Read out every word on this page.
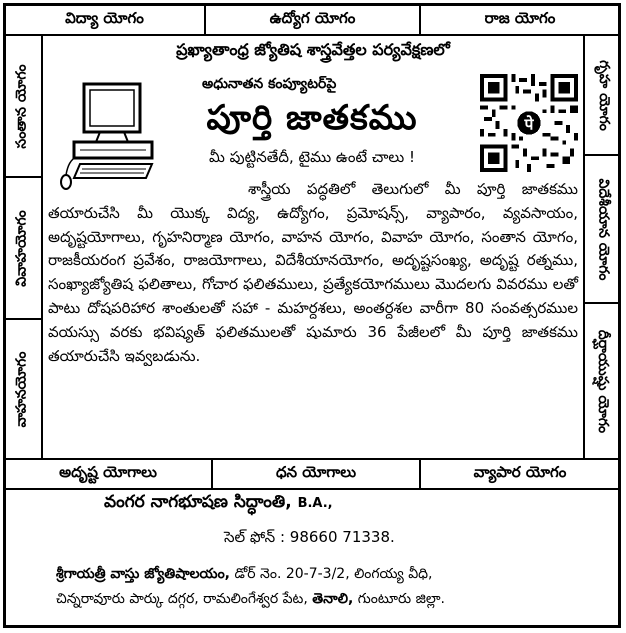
విద్యా యోగం	ఉద్యోగ యోగం	రాజ యోగం
సంతాన యోగం
వివాహయోగం
వాహనయోగం
గృహ యోగం
విదేశీయాన యోగం
దీర్ఘాయుష్షు యోగం
అదృష్ట యోగాలు	ధన యోగాలు	వ్యాపార యోగం
ప్రఖ్యాతాంధ్ర జ్యోతిష శాస్త్రవేత్తల పర్యవేక్షణలో
అధునాతన కంప్యూటర్‌పై
పూర్తి జాతకము
మీ పుట్టినతేదీ, టైము ఉంటే చాలు !
पे

శాస్త్రీయ పద్ధతిలో తెలుగులో మీ పూర్తి జాతకము తయారుచేసి మీ యొక్క విద్య, ఉద్యోగం, ప్రమోషన్స్, వ్యాపారం, వ్యవసాయం, అదృష్టయోగాలు, గృహనిర్మాణ యోగం, వాహన యోగం, వివాహ యోగం, సంతాన యోగం, రాజకీయరంగ ప్రవేశం, రాజయోగాలు, విదేశీయానయోగం, అదృష్టసంఖ్య, అదృష్ట రత్నము, సంఖ్యాజ్యోతిష ఫలితాలు, గోచార ఫలితములు, ప్రత్యేకయోగములు మొదలగు వివరము లతో పాటు దోషపరిహార శాంతులతో సహా - మహర్దశలు, అంతర్దశల వారీగా 80 సంవత్సరముల వయస్సు వరకు భవిష్యత్ ఫలితములతో షుమారు 36 పేజీలలో మీ పూర్తి జాతకము తయారుచేసి ఇవ్వబడును.

వంగర నాగభూషణ సిద్ధాంతి, B.A.,
సెల్ ఫోన్ : 98660 71338.
శ్రీగాయత్రీ వాస్తు జ్యోతిషాలయం, డోర్ నెం. 20-7-3/2, లింగయ్య వీధి,
చిన్నరావూరు పార్కు దగ్గర, రామలింగేశ్వర పేట, తెనాలి, గుంటూరు జిల్లా.
